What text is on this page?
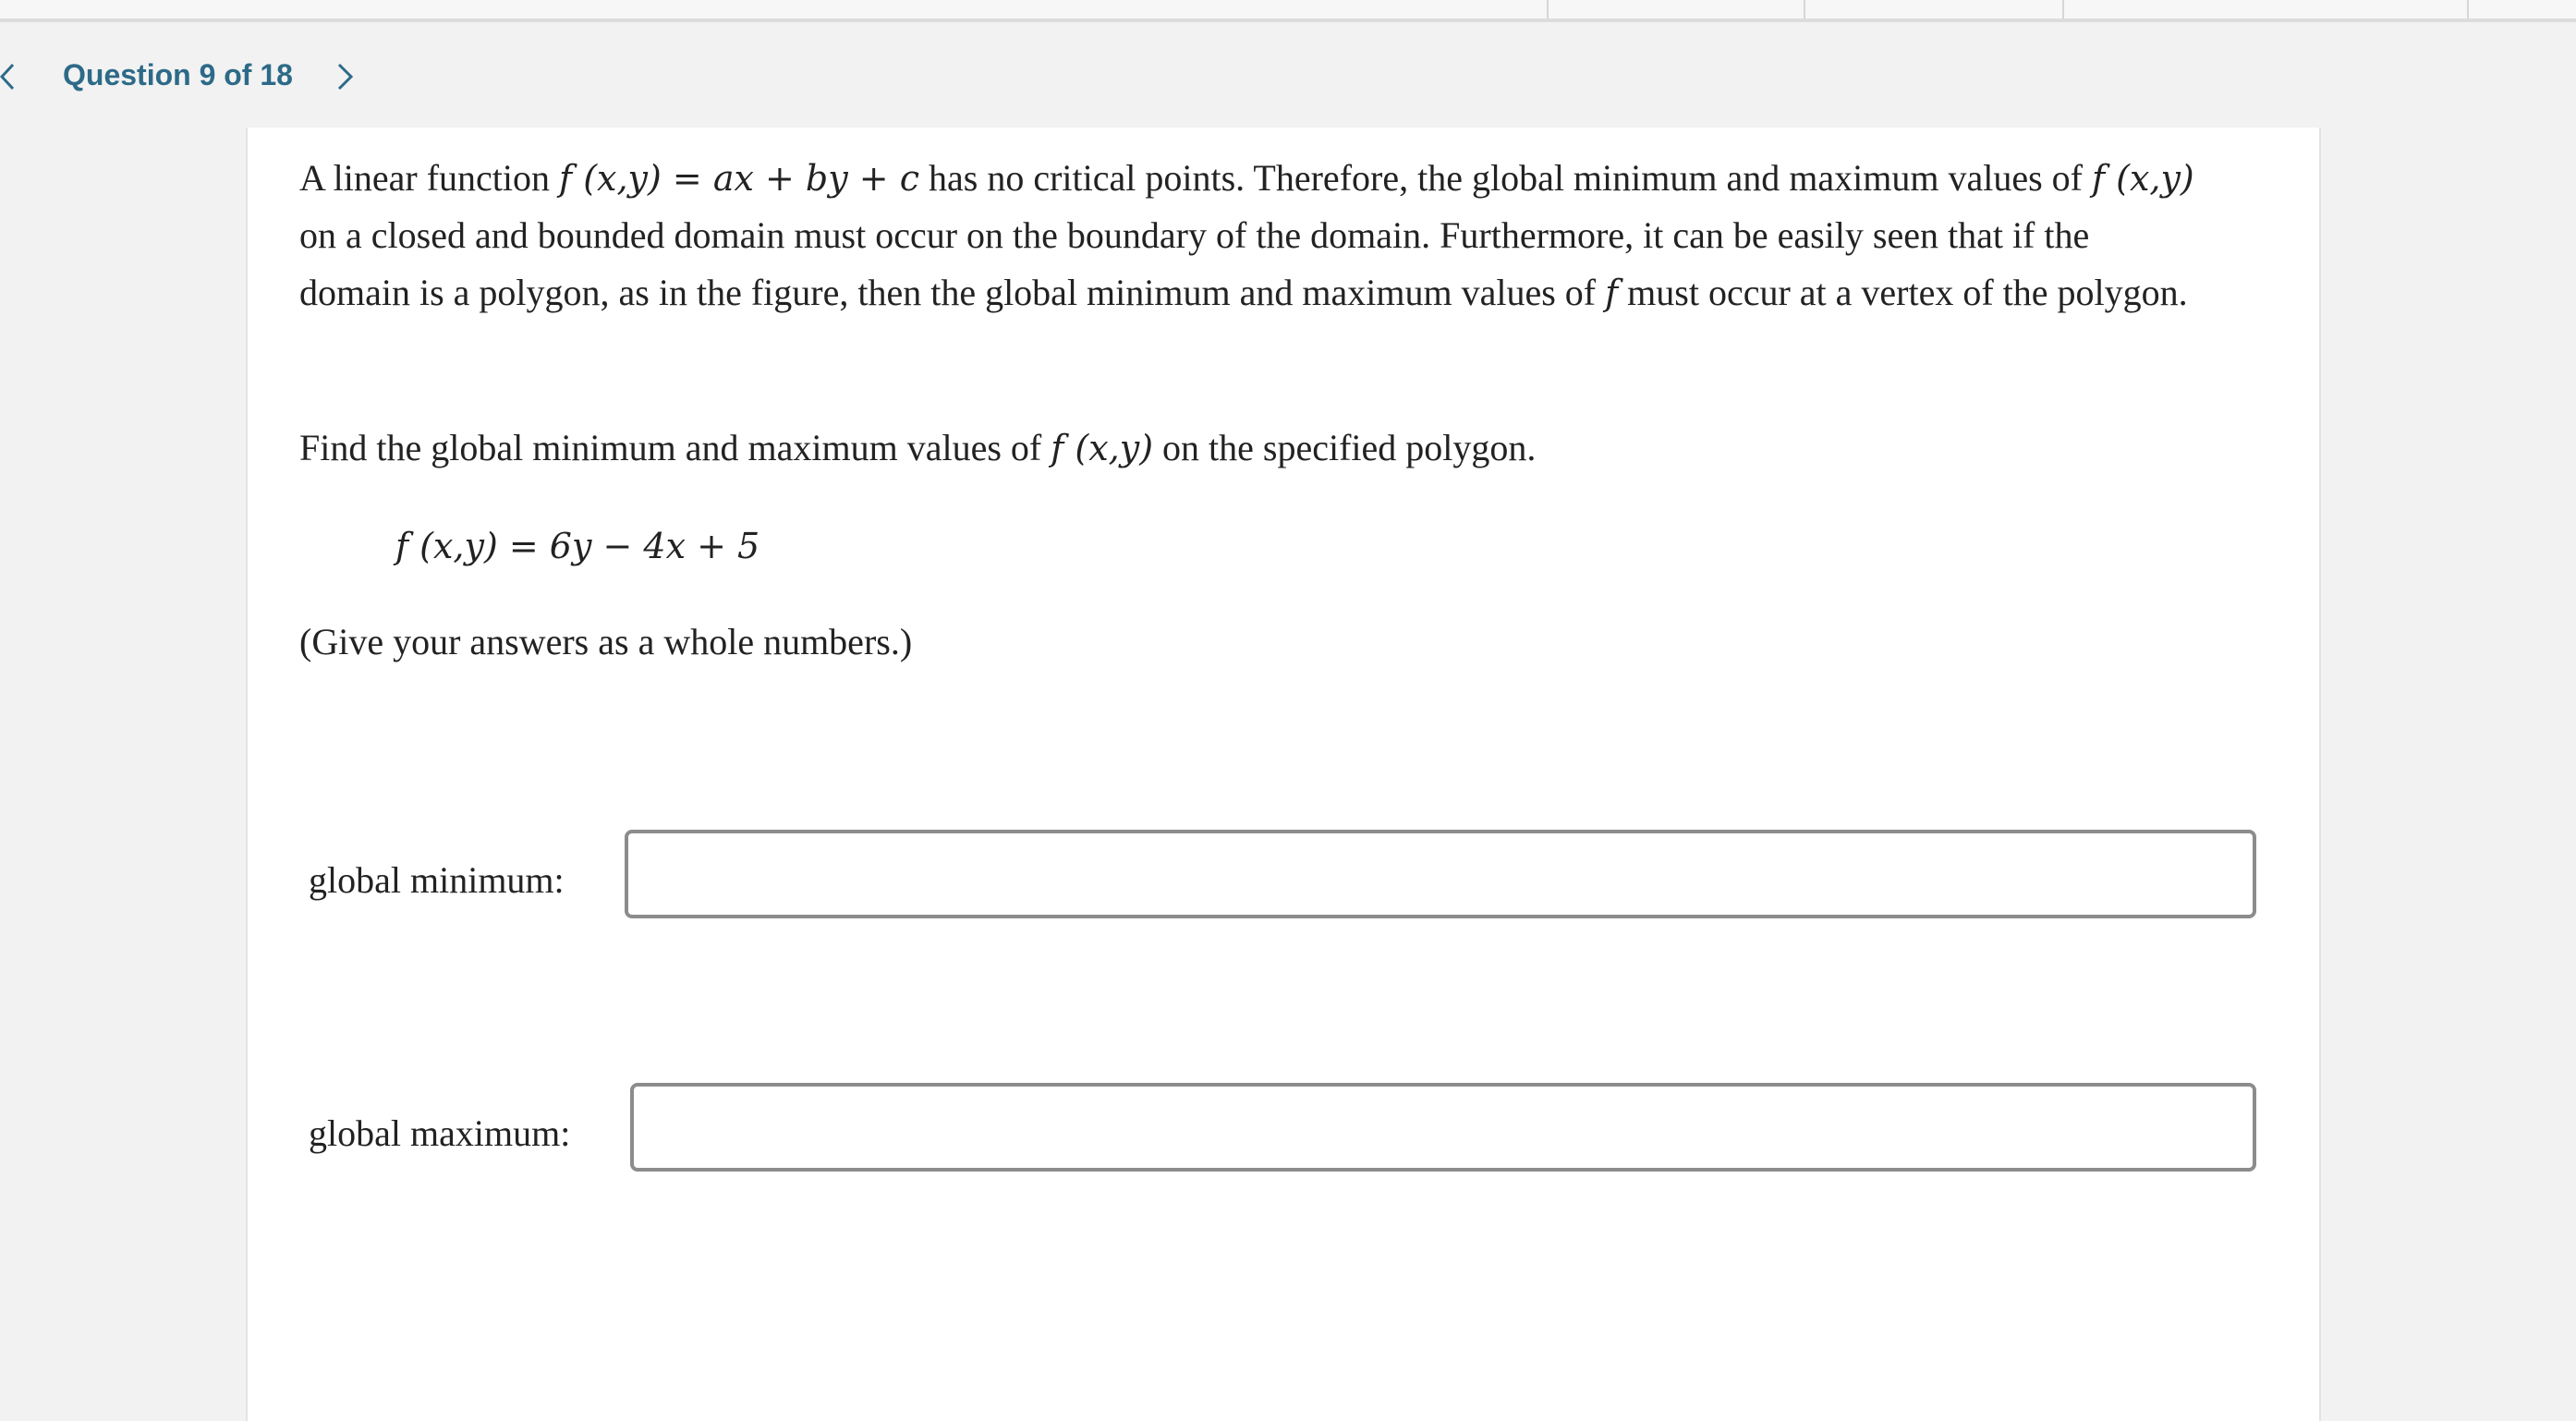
Question 9 of 18

A linear function f (x,y) = ax + by + c has no critical points. Therefore, the global minimum and maximum values of f (x,y)
on a closed and bounded domain must occur on the boundary of the domain. Furthermore, it can be easily seen that if the
domain is a polygon, as in the figure, then the global minimum and maximum values of f must occur at a vertex of the polygon.

Find the global minimum and maximum values of f (x,y) on the specified polygon.

f (x,y) = 6y − 4x + 5

(Give your answers as a whole numbers.)

global minimum:
global maximum:
